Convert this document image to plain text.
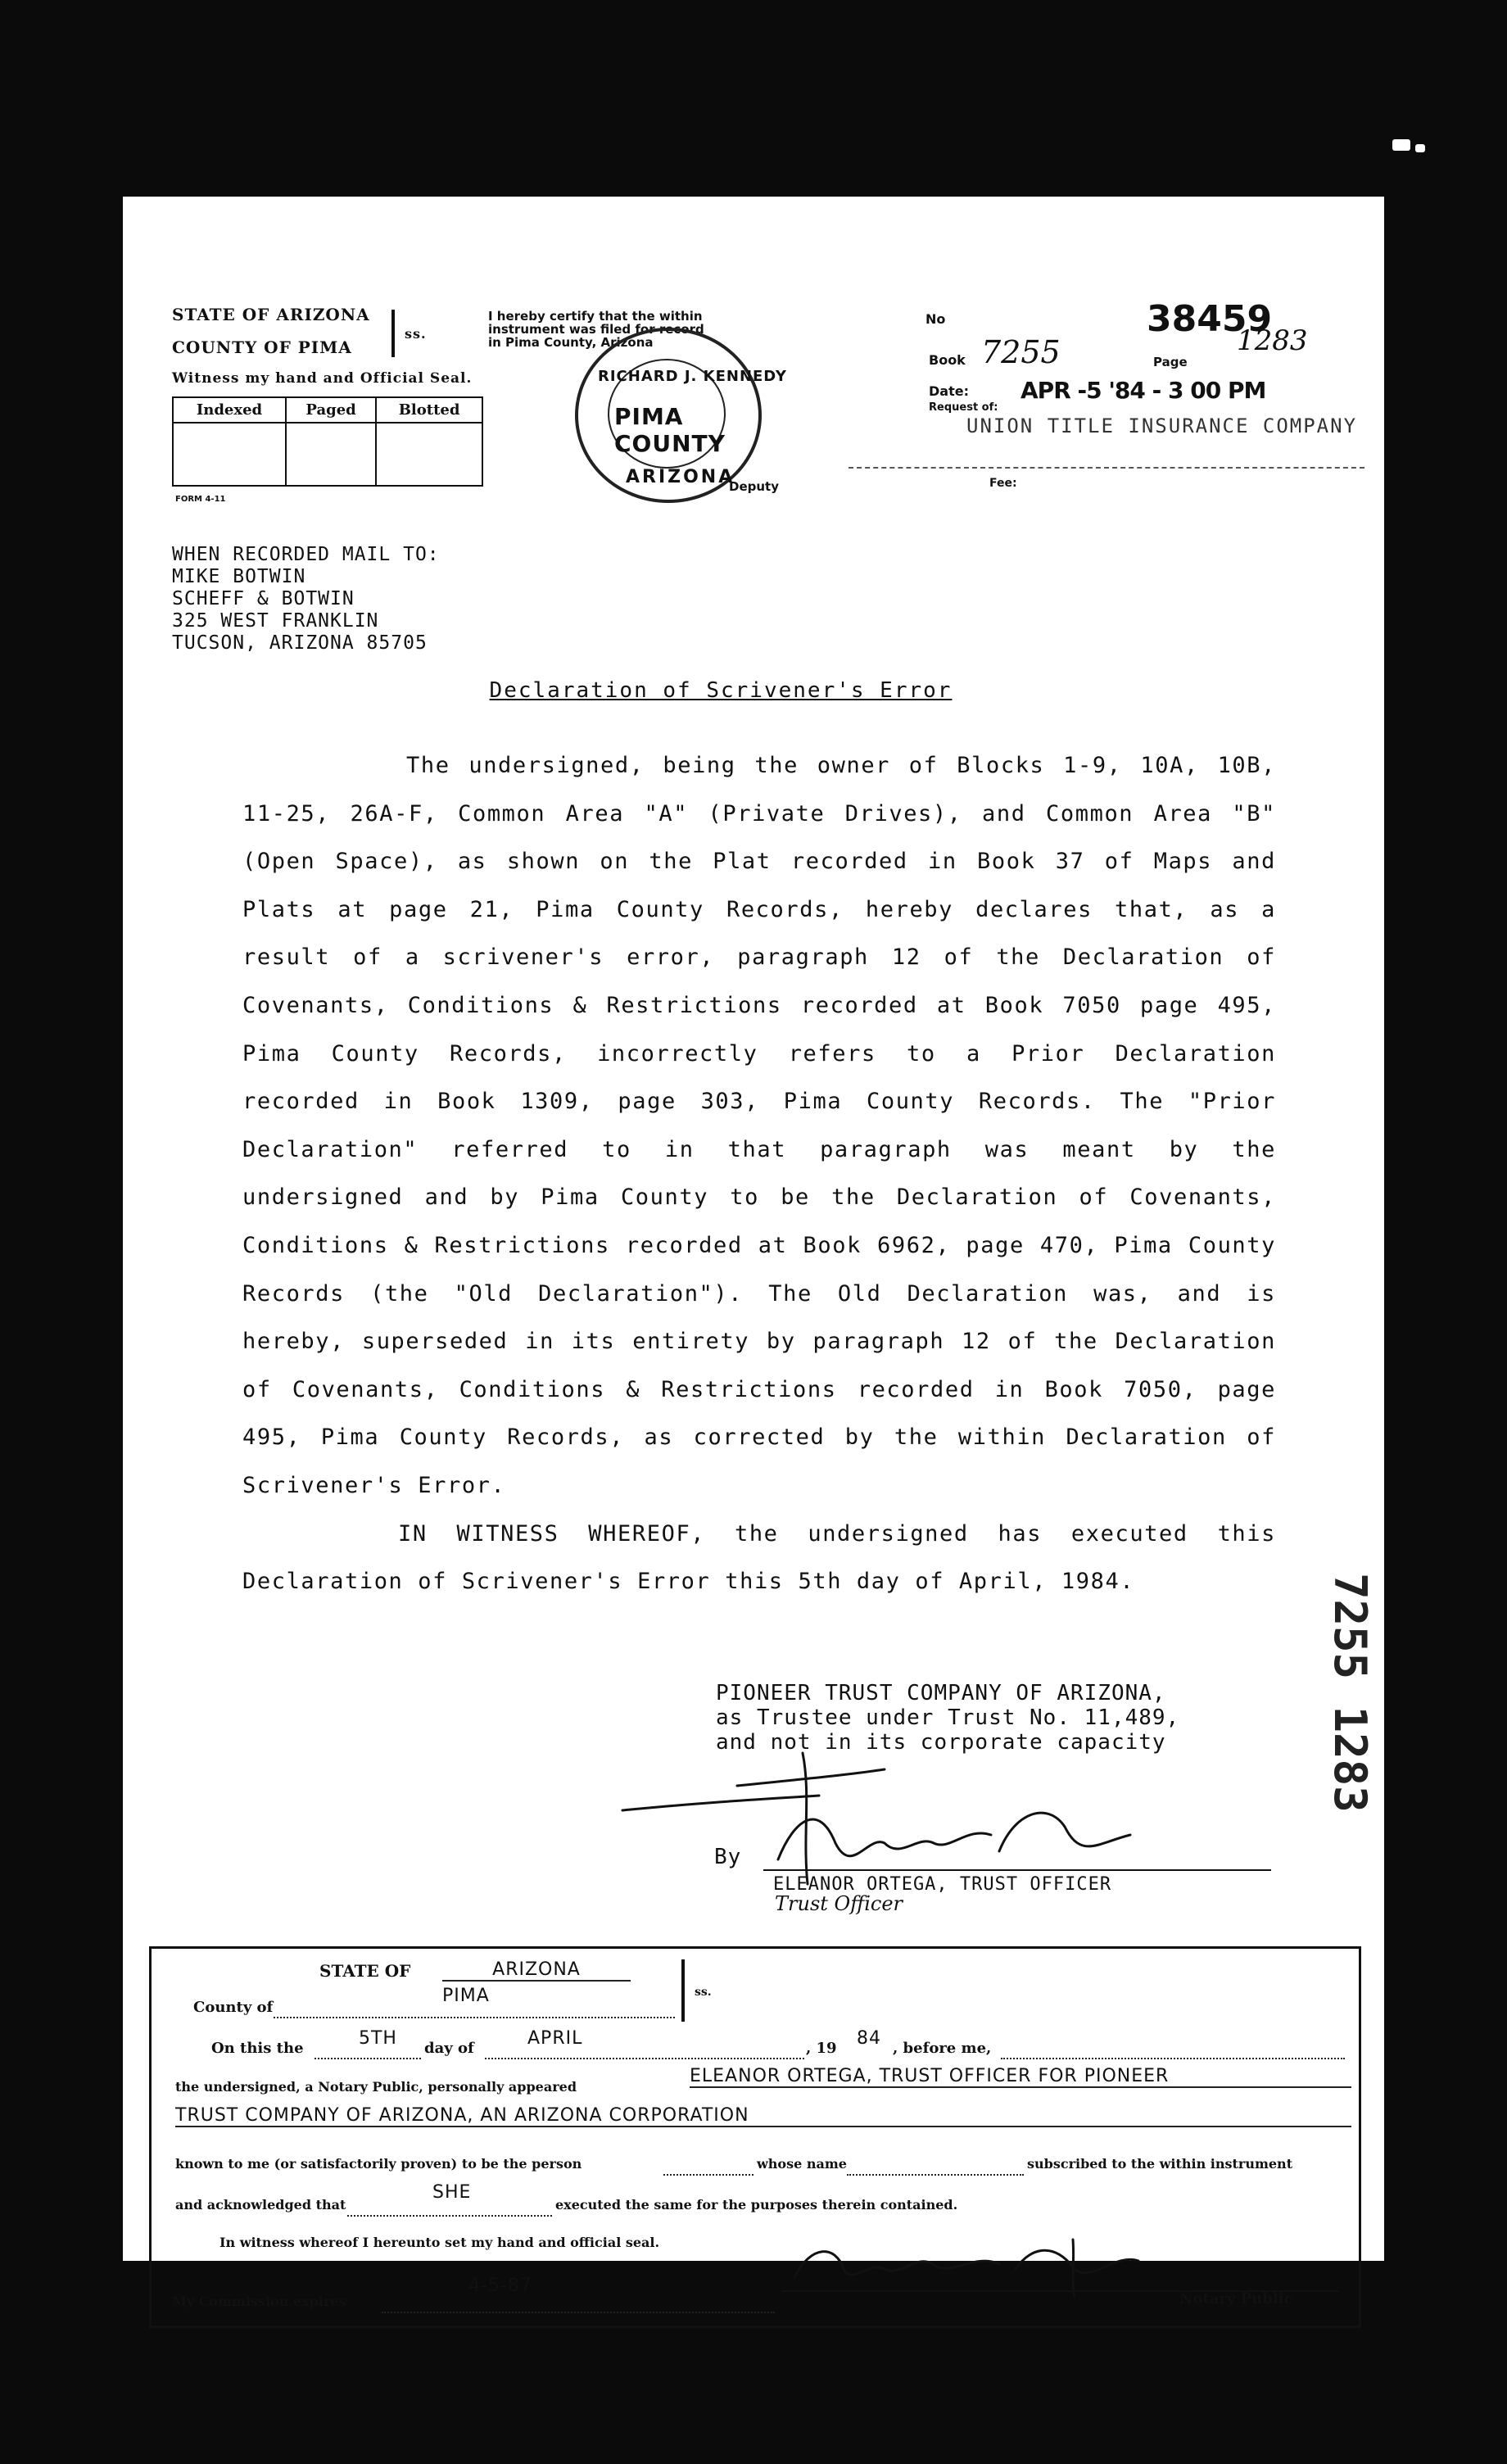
STATE OF ARIZONA
COUNTY OF PIMA
ss.
Witness my hand and Official Seal.
Indexed	Paged	Blotted

FORM 4-11
I hereby certify that the within
instrument was filed for record
in Pima County, Arizona
PIMA COUNTY
ARIZONA
RICHARD J. KENNEDY
Deputy
No	38459
Book 7255	Page
1283
Date: APR -5 '84 - 3 00 PM
Request of:
UNION TITLE INSURANCE COMPANY
Fee:
WHEN RECORDED MAIL TO:
MIKE BOTWIN
SCHEFF & BOTWIN
325 WEST FRANKLIN
TUCSON, ARIZONA 85705
Declaration of Scrivener's Error

The undersigned, being the owner of Blocks 1-9, 10A, 10B, 11-25, 26A-F, Common Area "A" (Private Drives), and Common Area "B" (Open Space), as shown on the Plat recorded in Book 37 of Maps and Plats at page 21, Pima County Records, hereby declares that, as a result of a scrivener's error, paragraph 12 of the Declaration of Covenants, Conditions & Restrictions recorded at Book 7050 page 495, Pima County Records, incorrectly refers to a Prior Declaration recorded in Book 1309, page 303, Pima County Records. The "Prior Declaration" referred to in that paragraph was meant by the undersigned and by Pima County to be the Declaration of Covenants, Conditions & Restrictions recorded at Book 6962, page 470, Pima County Records (the "Old Declaration"). The Old Declaration was, and is hereby, superseded in its entirety by paragraph 12 of the Declaration of Covenants, Conditions & Restrictions recorded in Book 7050, page 495, Pima County Records, as corrected by the within Declaration of Scrivener's Error.

IN WITNESS WHEREOF, the undersigned has executed this Declaration of Scrivener's Error this 5th day of April, 1984.

PIONEER TRUST COMPANY OF ARIZONA,
as Trustee under Trust No. 11,489,
and not in its corporate capacity
By
ELEANOR ORTEGA, TRUST OFFICER
Trust Officer
7255 1283
STATE OF	ARIZONA
ss.
County of
PIMA
On this the	5TH day of	APRIL	, 19 84 , before me,
the undersigned, a Notary Public, personally appeared
ELEANOR ORTEGA, TRUST OFFICER FOR PIONEER
TRUST COMPANY OF ARIZONA, AN ARIZONA CORPORATION
known to me (or satisfactorily proven) to be the person	whose name	subscribed to the within instrument
and acknowledged that
SHE
executed the same for the purposes therein contained.
In witness whereof I hereunto set my hand and official seal.
My Commission expires
4-5-87
Notary Public
